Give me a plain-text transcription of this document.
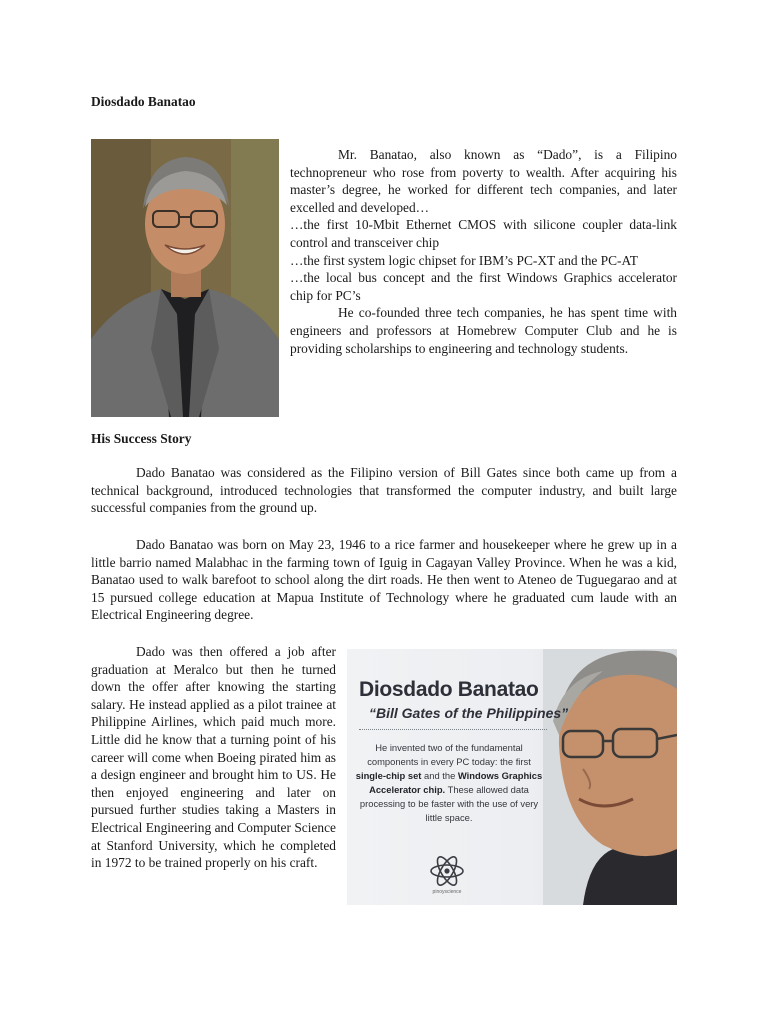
Diosdado Banatao

Mr. Banatao, also known as “Dado”, is a Filipino technopreneur who rose from poverty to wealth. After acquiring his master’s degree, he worked for different tech companies, and later excelled and developed…

…the first 10-Mbit Ethernet CMOS with silicone coupler data-link control and transceiver chip

…the first system logic chipset for IBM’s PC-XT and the PC-AT

…the local bus concept and the first Windows Graphics accelerator chip for PC’s

He co-founded three tech companies, he has spent time with engineers and professors at Homebrew Computer Club and he is providing scholarships to engineering and technology students.

His Success Story

Dado Banatao was considered as the Filipino version of Bill Gates since both came up from a technical background, introduced technologies that transformed the computer industry, and built large successful companies from the ground up.

Dado Banatao was born on May 23, 1946 to a rice farmer and housekeeper where he grew up in a little barrio named Malabhac in the farming town of Iguig in Cagayan Valley Province. When he was a kid, Banatao used to walk barefoot to school along the dirt roads. He then went to Ateneo de Tuguegarao and at 15 pursued college education at Mapua Institute of Technology where he graduated cum laude with an Electrical Engineering degree.

Dado was then offered a job after graduation at Meralco but then he turned down the offer after knowing the starting salary. He instead applied as a pilot trainee at Philippine Airlines, which paid much more. Little did he know that a turning point of his career will come when Boeing pirated him as a design engineer and brought him to US. He then enjoyed engineering and later on pursued further studies taking a Masters in Electrical Engineering and Computer Science at Stanford University, which he completed in 1972 to be trained properly on his craft.

Diosdado Banatao
“Bill Gates of the Philippines”
He invented two of the fundamental components in every PC today: the first single-chip set and the Windows Graphics Accelerator chip. These allowed data processing to be faster with the use of very little space.
pinoyscience
